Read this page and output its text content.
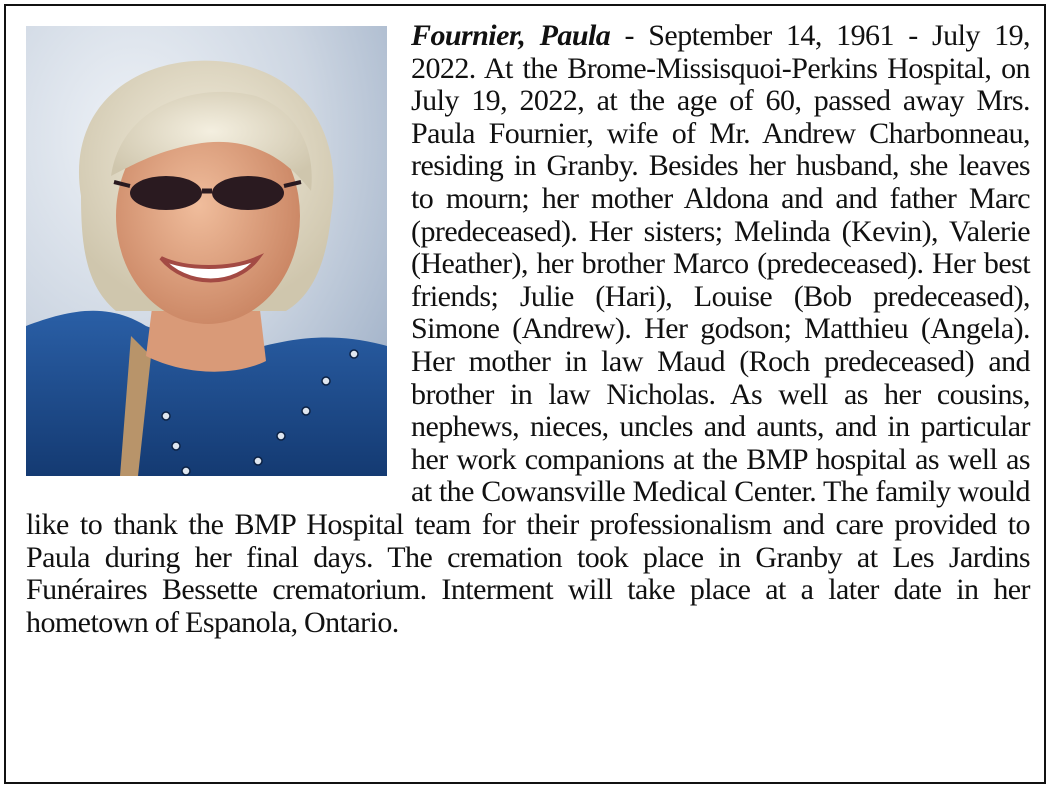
Fournier, Paula - September 14, 1961 - July 19, 2022. At the Brome-Missisquoi-Perkins Hospital, on July 19, 2022, at the age of 60, passed away Mrs. Paula Fournier, wife of Mr. Andrew Charbonneau, residing in Granby. Besides her husband, she leaves to mourn; her mother Aldona and and father Marc (predeceased). Her sisters; Melinda (Kevin), Valerie (Heather), her brother Marco (predeceased). Her best friends; Julie (Hari), Louise (Bob predeceased), Simone (Andrew). Her godson; Matthieu (Angela). Her mother in law Maud (Roch predeceased) and brother in law Nicholas. As well as her cousins, nephews, nieces, uncles and aunts, and in particular her work companions at the BMP hospital as well as at the Cowansville Medical Center. The family would like to thank the BMP Hospital team for their professionalism and care provided to Paula during her final days. The cremation took place in Granby at Les Jardins Funéraires Bessette crematorium. Interment will take place at a later date in her hometown of Espanola, Ontario.
